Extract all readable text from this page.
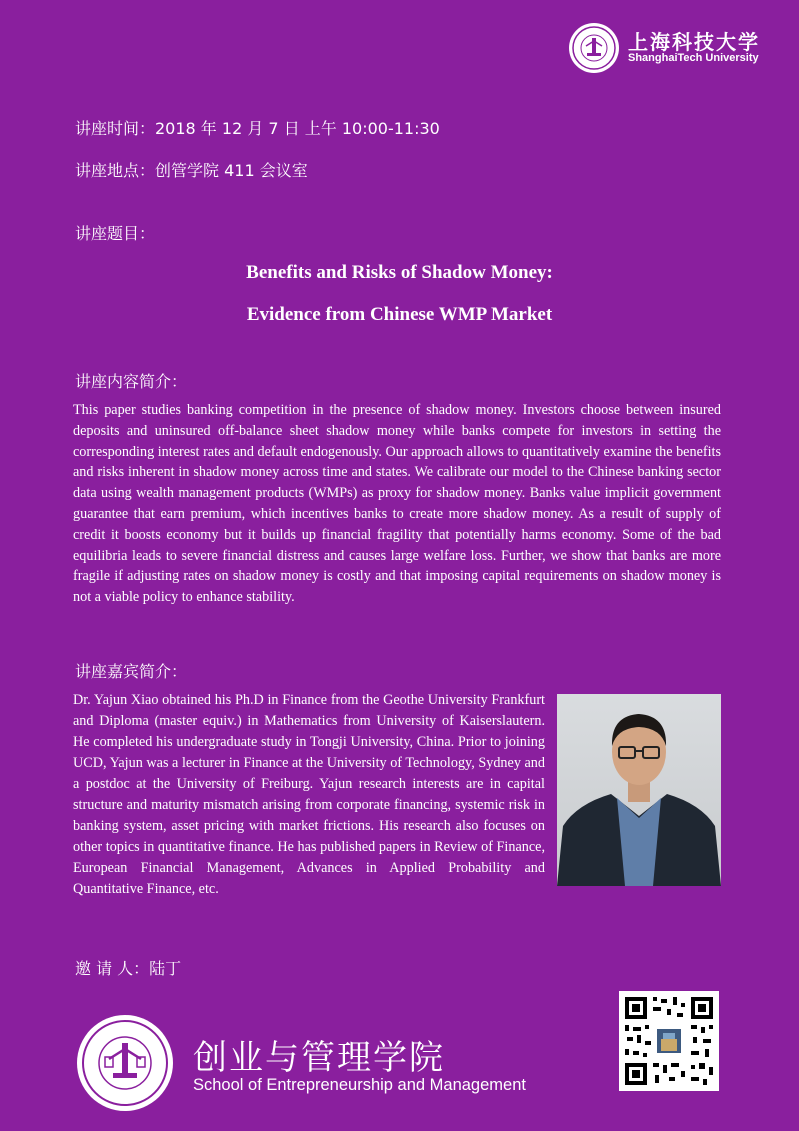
上海科技大学
ShanghaiTech University
讲座时间：2018 年 12 月 7 日 上午 10:00-11:30
讲座地点：创管学院 411 会议室
讲座题目：
Benefits and Risks of Shadow Money:
Evidence from Chinese WMP Market
讲座内容简介：
This paper studies banking competition in the presence of shadow money. Investors choose between insured deposits and uninsured off-balance sheet shadow money while banks compete for investors in setting the corresponding interest rates and default endogenously. Our approach allows to quantitatively examine the benefits and risks inherent in shadow money across time and states. We calibrate our model to the Chinese banking sector data using wealth management products (WMPs) as proxy for shadow money. Banks value implicit government guarantee that earn premium, which incentives banks to create more shadow money. As a result of supply of credit it boosts economy but it builds up financial fragility that potentially harms economy. Some of the bad equilibria leads to severe financial distress and causes large welfare loss. Further, we show that banks are more fragile if adjusting rates on shadow money is costly and that imposing capital requirements on shadow money is not a viable policy to enhance stability.
讲座嘉宾简介：
Dr. Yajun Xiao obtained his Ph.D in Finance from the Geothe University Frankfurt and Diploma (master equiv.) in Mathematics from University of Kaiserslautern. He completed his undergraduate study in Tongji University, China. Prior to joining UCD, Yajun was a lecturer in Finance at the University of Technology, Sydney and a postdoc at the University of Freiburg. Yajun research interests are in capital structure and maturity mismatch arising from corporate financing, systemic risk in banking system, asset pricing with market frictions. His research also focuses on other topics in quantitative finance. He has published papers in Review of Finance, European Financial Management, Advances in Applied Probability and Quantitative Finance, etc.
邀 请 人：陆丁
创业与管理学院
School of Entrepreneurship and Management
